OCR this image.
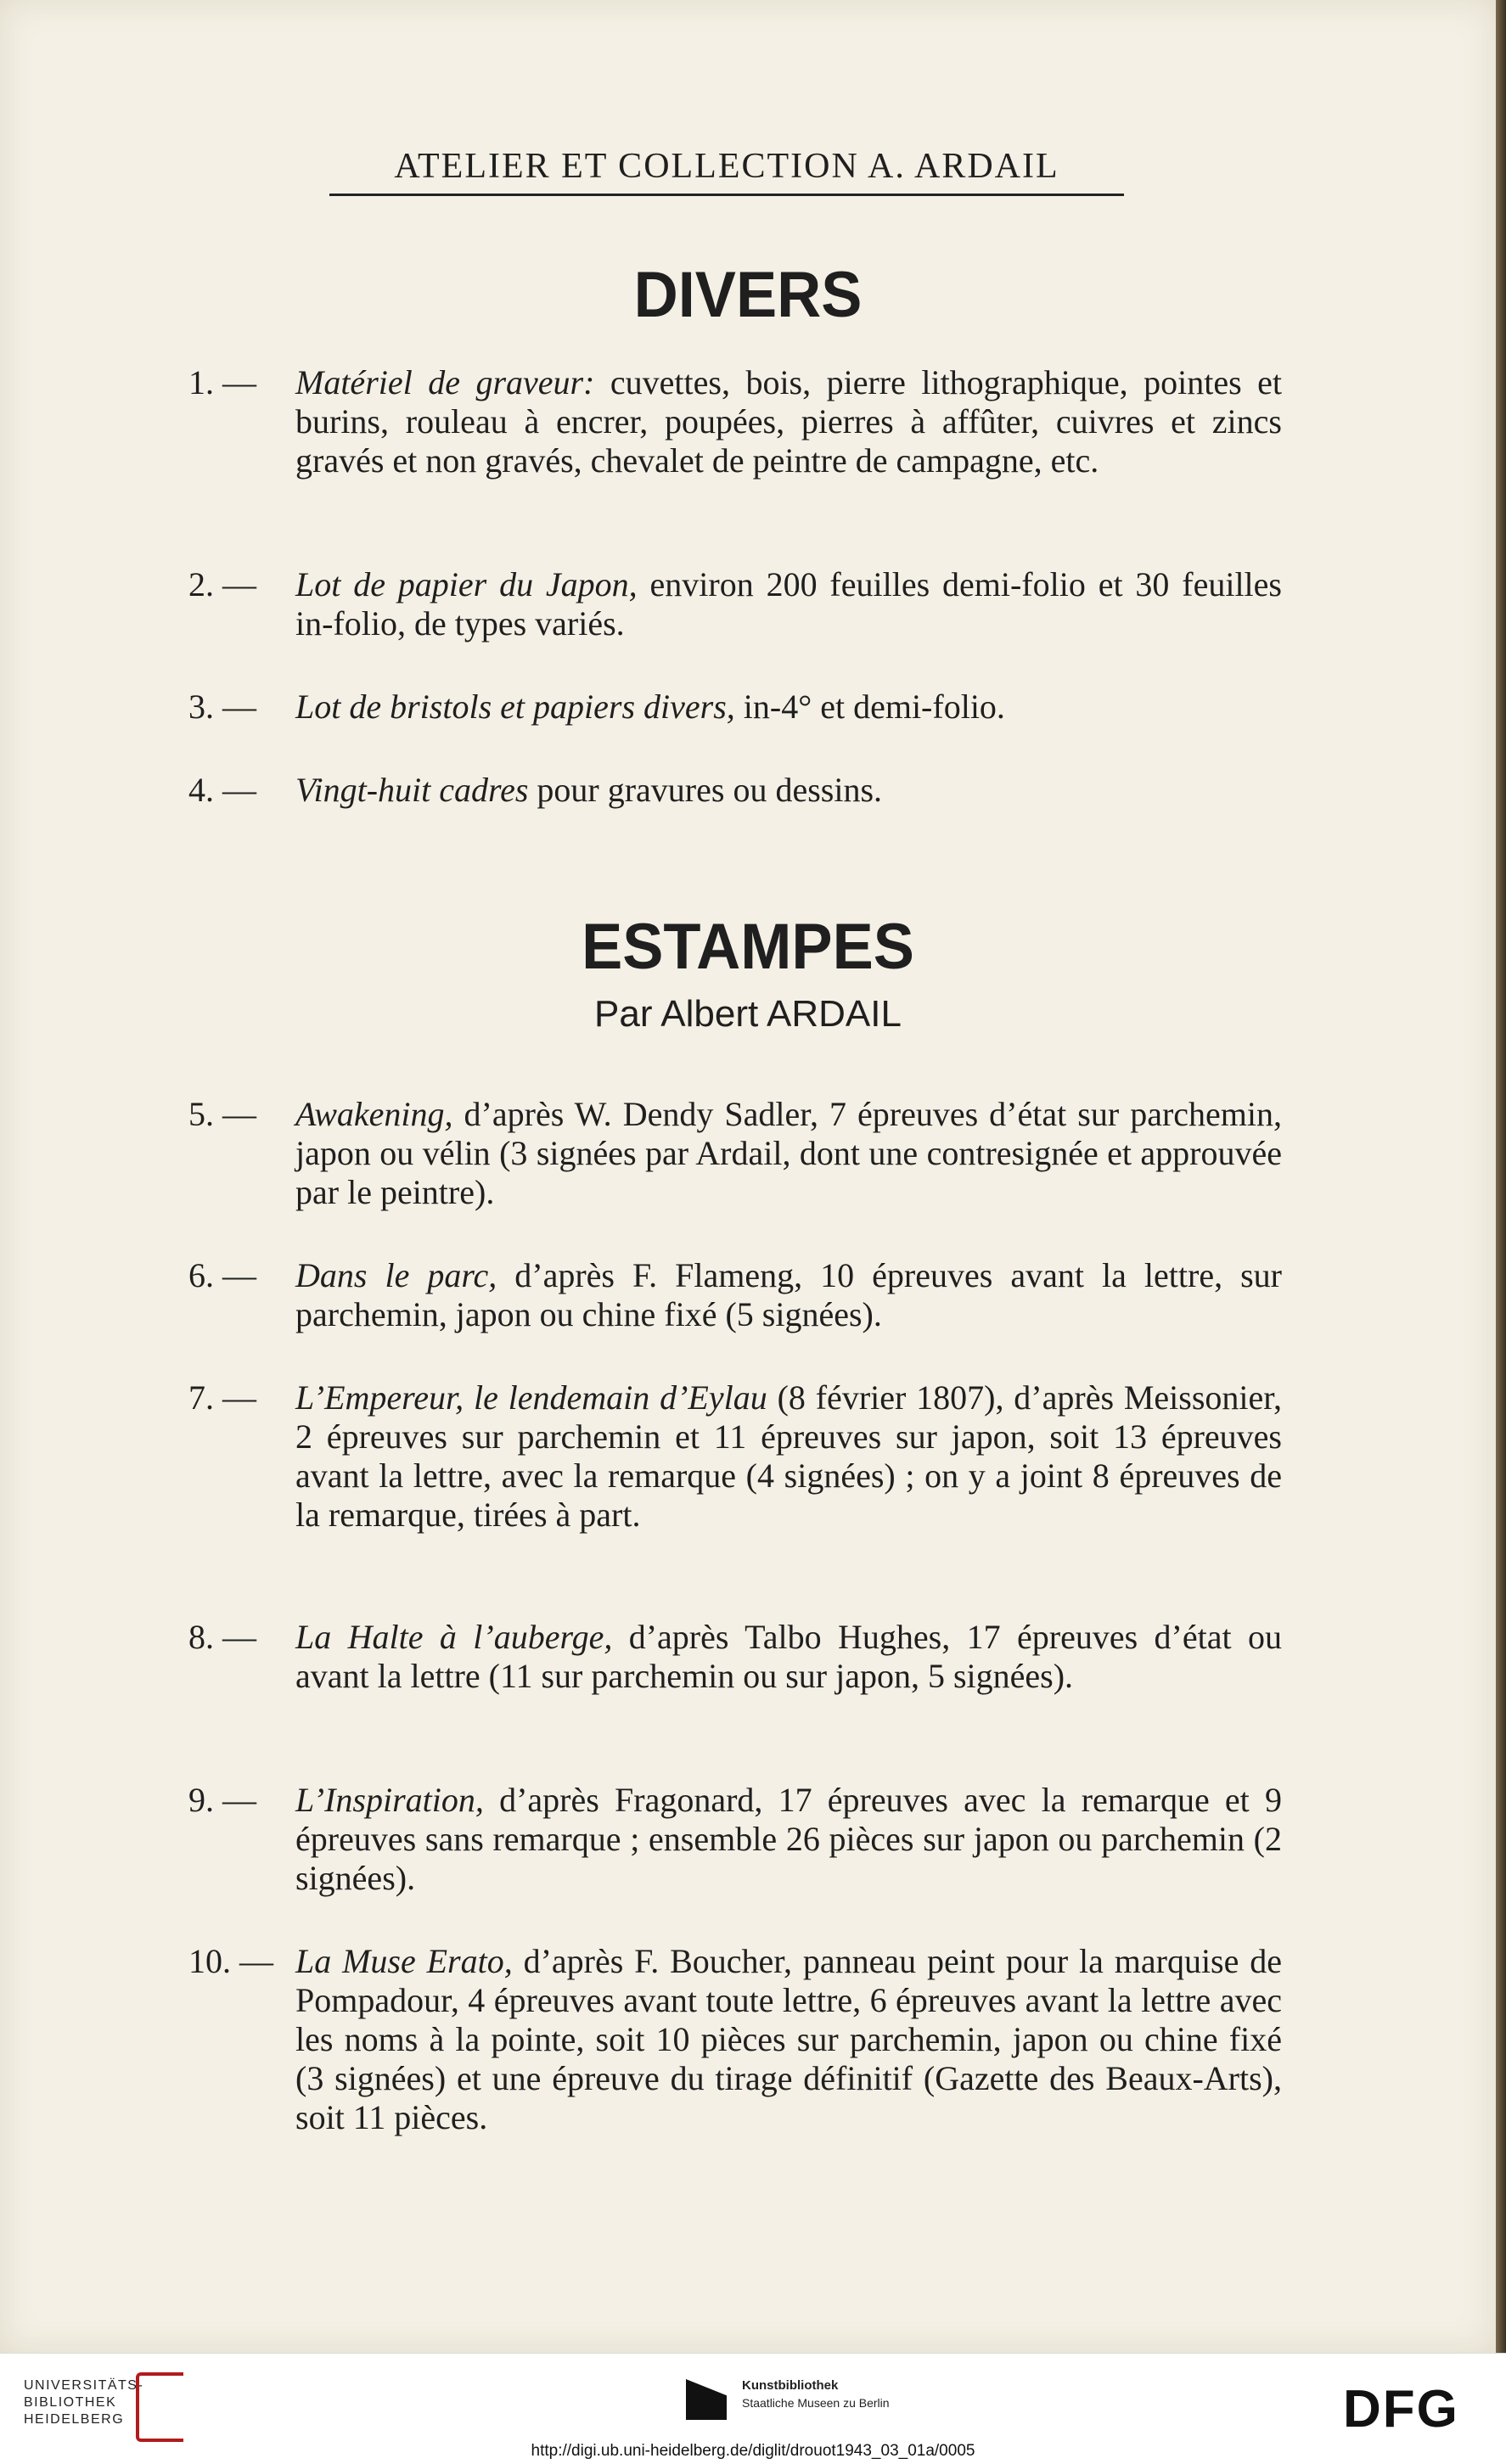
ATELIER ET COLLECTION A. ARDAIL
DIVERS
1. — Matériel de graveur: cuvettes, bois, pierre lithographique, pointes et burins, rouleau à encrer, poupées, pierres à affûter, cuivres et zincs gravés et non gravés, chevalet de peintre de campagne, etc.
2. — Lot de papier du Japon, environ 200 feuilles demi-folio et 30 feuilles in-folio, de types variés.
3. — Lot de bristols et papiers divers, in-4° et demi-folio.
4. — Vingt-huit cadres pour gravures ou dessins.
ESTAMPES
Par Albert ARDAIL
5. — Awakening, d’après W. Dendy Sadler, 7 épreuves d’état sur parchemin, japon ou vélin (3 signées par Ardail, dont une contresignée et approuvée par le peintre).
6. — Dans le parc, d’après F. Flameng, 10 épreuves avant la lettre, sur parchemin, japon ou chine fixé (5 signées).
7. — L’Empereur, le lendemain d’Eylau (8 février 1807), d’après Meissonier, 2 épreuves sur parchemin et 11 épreuves sur japon, soit 13 épreuves avant la lettre, avec la remarque (4 signées) ; on y a joint 8 épreuves de la remarque, tirées à part.
8. — La Halte à l’auberge, d’après Talbo Hughes, 17 épreuves d’état ou avant la lettre (11 sur parchemin ou sur japon, 5 signées).
9. — L’Inspiration, d’après Fragonard, 17 épreuves avec la remarque et 9 épreuves sans remarque ; ensemble 26 pièces sur japon ou parchemin (2 signées).
10. — La Muse Erato, d’après F. Boucher, panneau peint pour la marquise de Pompadour, 4 épreuves avant toute lettre, 6 épreuves avant la lettre avec les noms à la pointe, soit 10 pièces sur parchemin, japon ou chine fixé (3 signées) et une épreuve du tirage définitif (Gazette des Beaux-Arts), soit 11 pièces.
UNIVERSITÄTS-
BIBLIOTHEK
HEIDELBERG
Kunstbibliothek
Staatliche Museen zu Berlin	DFG
http://digi.ub.uni-heidelberg.de/diglit/drouot1943_03_01a/0005
